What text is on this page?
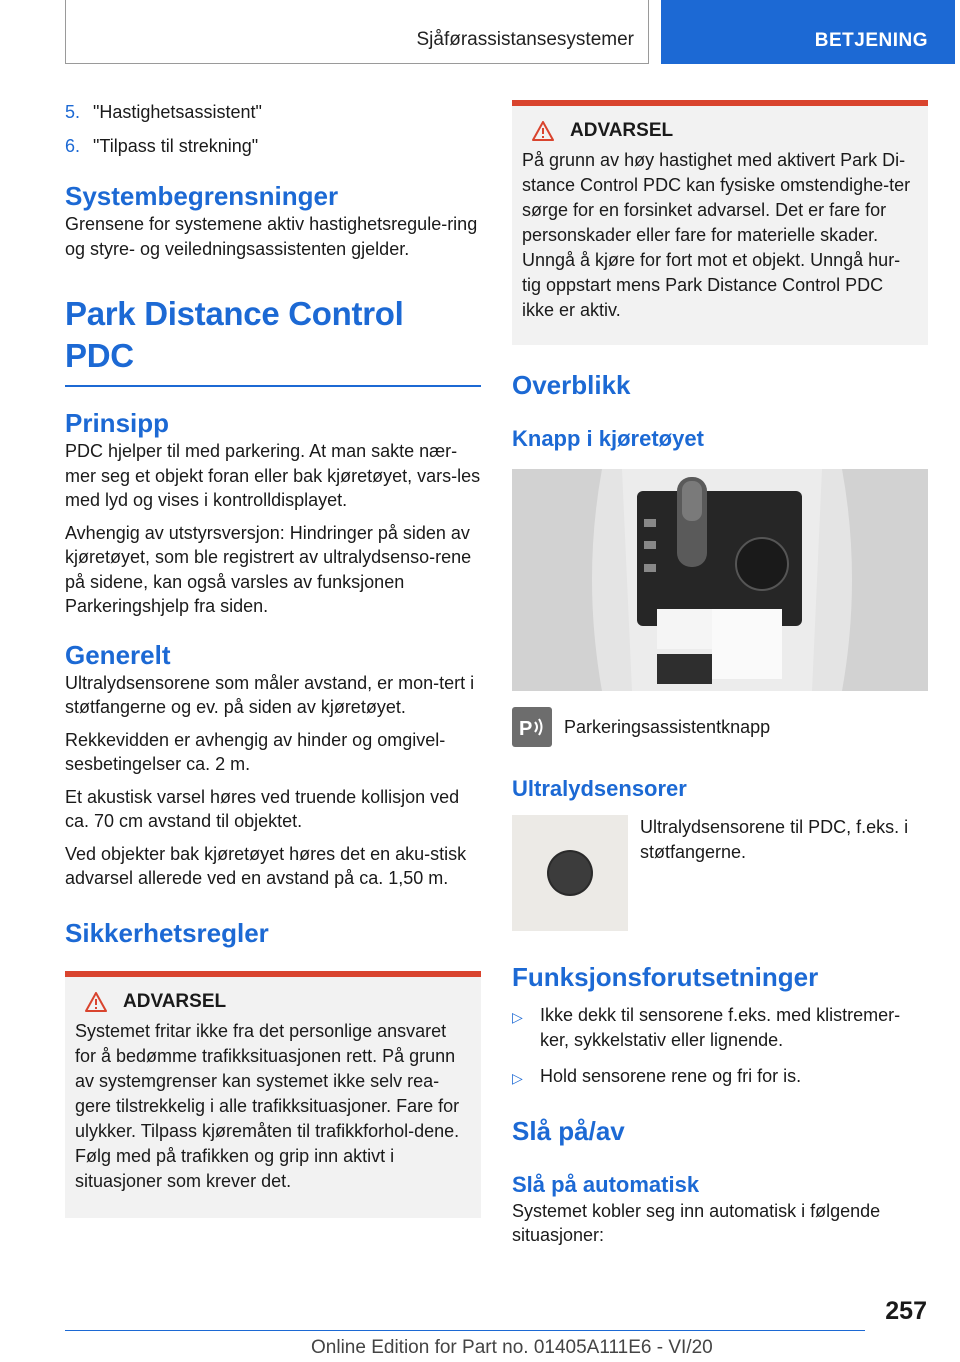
Sjåførassistansesystemer	BETJENING
5. "Hastighetsassistent"
6. "Tilpass til strekning"
Systembegrensninger

Grensene for systemene aktiv hastighetsregule-ring og styre- og veiledningsassistenten gjelder.

Park Distance Control PDC
Prinsipp

PDC hjelper til med parkering. At man sakte nær-mer seg et objekt foran eller bak kjøretøyet, vars-les med lyd og vises i kontrolldisplayet.

Avhengig av utstyrsversjon: Hindringer på siden av kjøretøyet, som ble registrert av ultralydsenso-rene på sidene, kan også varsles av funksjonen Parkeringshjelp fra siden.

Generelt

Ultralydsensorene som måler avstand, er mon-tert i støtfangerne og ev. på siden av kjøretøyet.

Rekkevidden er avhengig av hinder og omgivel-sesbetingelser ca. 2 m.

Et akustisk varsel høres ved truende kollisjon ved ca. 70 cm avstand til objektet.

Ved objekter bak kjøretøyet høres det en aku-stisk advarsel allerede ved en avstand på ca. 1,50 m.

Sikkerhetsregler
ADVARSEL

Systemet fritar ikke fra det personlige ansvaret for å bedømme trafikksituasjonen rett. På grunn av systemgrenser kan systemet ikke selv rea-gere tilstrekkelig i alle trafikksituasjoner. Fare for ulykker. Tilpass kjøremåten til trafikkforhol-dene. Følg med på trafikken og grip inn aktivt i situasjoner som krever det.

ADVARSEL

På grunn av høy hastighet med aktivert Park Di-stance Control PDC kan fysiske omstendighe-ter sørge for en forsinket advarsel. Det er fare for personskader eller fare for materielle skader. Unngå å kjøre for fort mot et objekt. Unngå hur-tig oppstart mens Park Distance Control PDC ikke er aktiv.

Overblikk
Knapp i kjøretøyet
P Parkeringsassistentknapp

Ultralydsensorer

Ultralydsensorene til PDC, f.eks. i støtfangerne.

Funksjonsforutsetninger
▷ Ikke dekk til sensorene f.eks. med klistremer-ker, sykkelstativ eller lignende.
▷ Hold sensorene rene og fri for is.
Slå på/av
Slå på automatisk

Systemet kobler seg inn automatisk i følgende situasjoner:

257
Online Edition for Part no. 01405A111E6 - VI/20
